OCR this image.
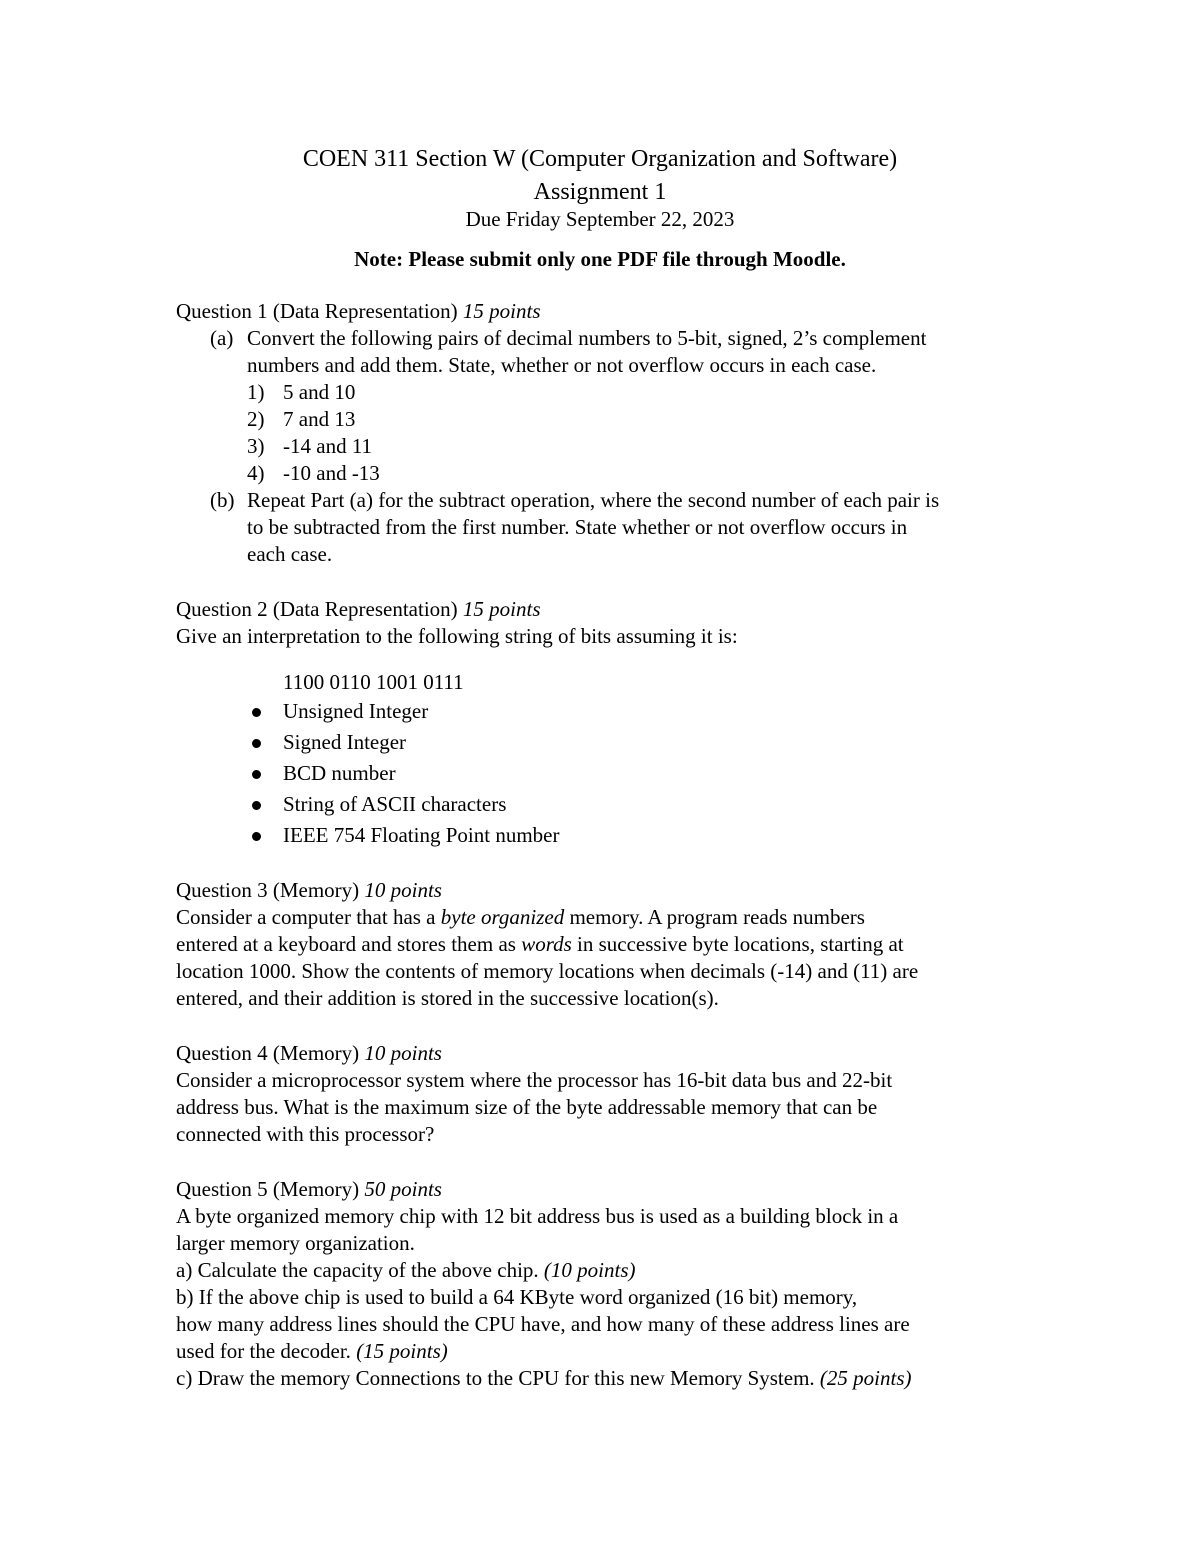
COEN 311 Section W (Computer Organization and Software)
Assignment 1
Due Friday September 22, 2023
Note: Please submit only one PDF file through Moodle.
Question 1 (Data Representation) 15 points
(a) Convert the following pairs of decimal numbers to 5-bit, signed, 2’s complement
numbers and add them. State, whether or not overflow occurs in each case.
1) 5 and 10
2) 7 and 13
3) -14 and 11
4) -10 and -13
(b) Repeat Part (a) for the subtract operation, where the second number of each pair is
to be subtracted from the first number. State whether or not overflow occurs in
each case.
Question 2 (Data Representation) 15 points
Give an interpretation to the following string of bits assuming it is:
1100 0110 1001 0111
Unsigned Integer
Signed Integer
BCD number
String of ASCII characters
IEEE 754 Floating Point number
Question 3 (Memory) 10 points
Consider a computer that has a byte organized memory. A program reads numbers
entered at a keyboard and stores them as words in successive byte locations, starting at
location 1000. Show the contents of memory locations when decimals (-14) and (11) are
entered, and their addition is stored in the successive location(s).
Question 4 (Memory) 10 points
Consider a microprocessor system where the processor has 16-bit data bus and 22-bit
address bus. What is the maximum size of the byte addressable memory that can be
connected with this processor?
Question 5 (Memory) 50 points
A byte organized memory chip with 12 bit address bus is used as a building block in a
larger memory organization.
a) Calculate the capacity of the above chip. (10 points)
b) If the above chip is used to build a 64 KByte word organized (16 bit) memory,
how many address lines should the CPU have, and how many of these address lines are
used for the decoder. (15 points)
c) Draw the memory Connections to the CPU for this new Memory System. (25 points)
